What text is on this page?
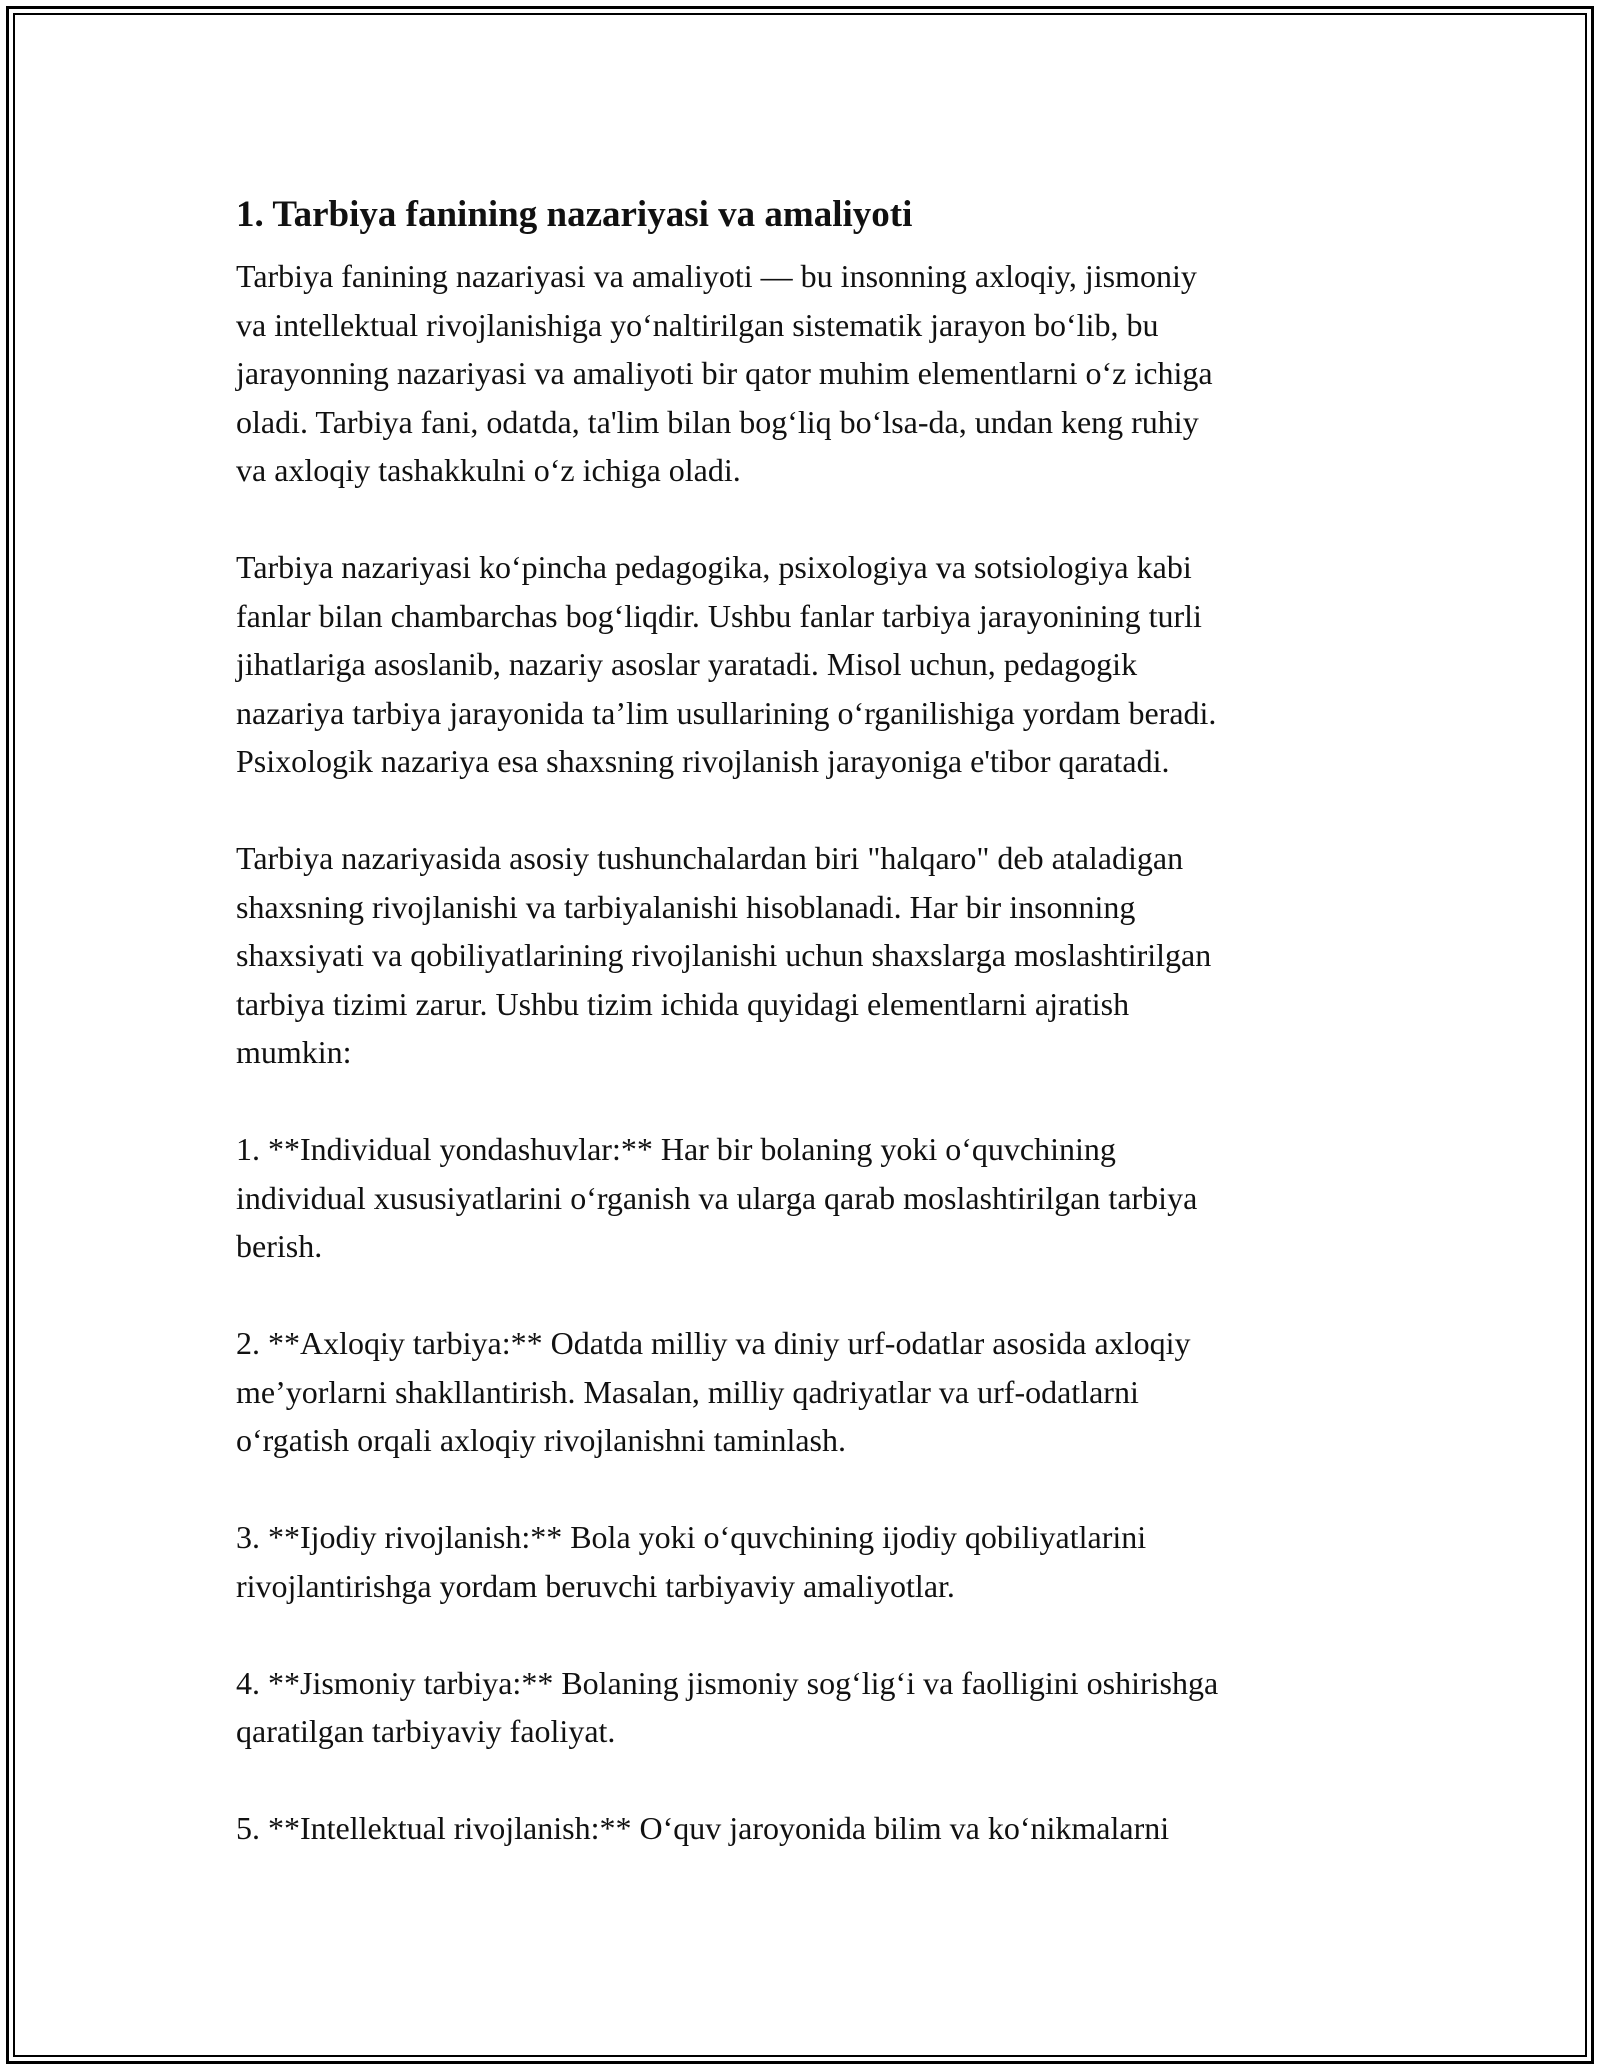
1. Tarbiya fanining nazariyasi va amaliyoti

Tarbiya fanining nazariyasi va amaliyoti — bu insonning axloqiy, jismoniy
va intellektual rivojlanishiga yoʻnaltirilgan sistematik jarayon boʻlib, bu
jarayonning nazariyasi va amaliyoti bir qator muhim elementlarni oʻz ichiga
oladi. Tarbiya fani, odatda, ta'lim bilan bogʻliq boʻlsa-da, undan keng ruhiy
va axloqiy tashakkulni oʻz ichiga oladi.

Tarbiya nazariyasi koʻpincha pedagogika, psixologiya va sotsiologiya kabi
fanlar bilan chambarchas bogʻliqdir. Ushbu fanlar tarbiya jarayonining turli
jihatlariga asoslanib, nazariy asoslar yaratadi. Misol uchun, pedagogik
nazariya tarbiya jarayonida ta’lim usullarining oʻrganilishiga yordam beradi.
Psixologik nazariya esa shaxsning rivojlanish jarayoniga e'tibor qaratadi.

Tarbiya nazariyasida asosiy tushunchalardan biri "halqaro" deb ataladigan
shaxsning rivojlanishi va tarbiyalanishi hisoblanadi. Har bir insonning
shaxsiyati va qobiliyatlarining rivojlanishi uchun shaxslarga moslashtirilgan
tarbiya tizimi zarur. Ushbu tizim ichida quyidagi elementlarni ajratish
mumkin:

1. **Individual yondashuvlar:** Har bir bolaning yoki oʻquvchining
individual xususiyatlarini oʻrganish va ularga qarab moslashtirilgan tarbiya
berish.

2. **Axloqiy tarbiya:** Odatda milliy va diniy urf-odatlar asosida axloqiy
me’yorlarni shakllantirish. Masalan, milliy qadriyatlar va urf-odatlarni
oʻrgatish orqali axloqiy rivojlanishni taminlash.

3. **Ijodiy rivojlanish:** Bola yoki oʻquvchining ijodiy qobiliyatlarini
rivojlantirishga yordam beruvchi tarbiyaviy amaliyotlar.

4. **Jismoniy tarbiya:** Bolaning jismoniy sogʻligʻi va faolligini oshirishga
qaratilgan tarbiyaviy faoliyat.

5. **Intellektual rivojlanish:** Oʻquv jaroyonida bilim va koʻnikmalarni
